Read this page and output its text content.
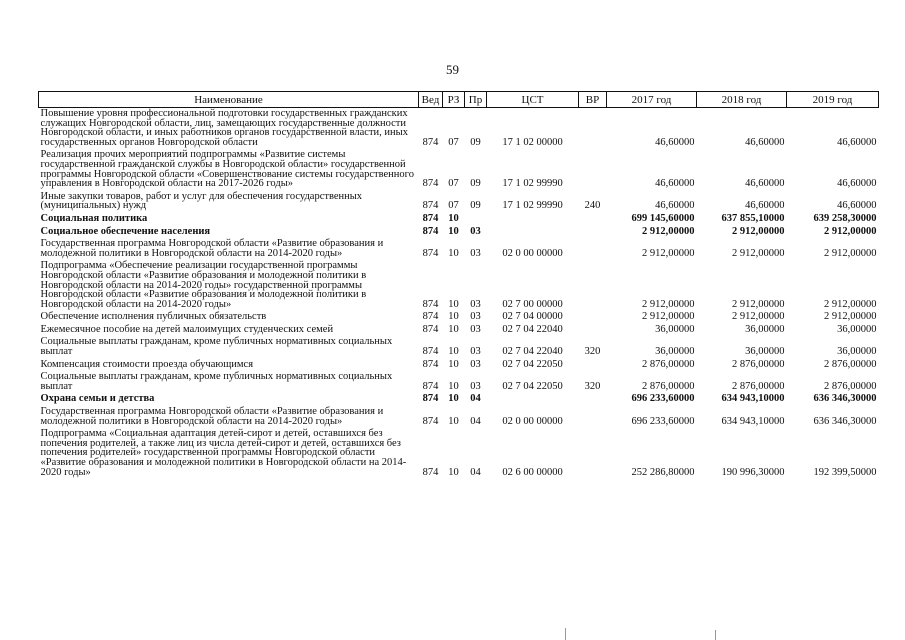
59
Наименование	Вед	РЗ	Пр	ЦСТ	ВР	2017 год	2018 год	2019 год
Повышение уровня профессиональной подготовки государственных гражданских служащих Новгородской области, лиц, замещающих государственные должности Новгородской области, и иных работников органов государственной власти, иных государственных органов Новгородской области	874	07	09	17 1 02 00000		46,60000	46,60000	46,60000
Реализация прочих мероприятий подпрограммы «Развитие системы государственной гражданской службы в Новгородской области» государственной программы Новгородской области «Совершенствование системы государственного управления в Новгородской области на 2017-2026 годы»	874	07	09	17 1 02 99990		46,60000	46,60000	46,60000
Иные закупки товаров, работ и услуг для обеспечения государственных (муниципальных) нужд	874	07	09	17 1 02 99990	240	46,60000	46,60000	46,60000
Социальная политика	874	10				699 145,60000	637 855,10000	639 258,30000
Социальное обеспечение населения	874	10	03			2 912,00000	2 912,00000	2 912,00000
Государственная программа Новгородской области «Развитие образования и молодежной политики в Новгородской области на 2014-2020 годы»	874	10	03	02 0 00 00000		2 912,00000	2 912,00000	2 912,00000
Подпрограмма «Обеспечение реализации государственной программы Новгородской области «Развитие образования и молодежной политики в Новгородской области на 2014-2020 годы» государственной программы Новгородской области «Развитие образования и молодежной политики в Новгородской области на 2014-2020 годы»	874	10	03	02 7 00 00000		2 912,00000	2 912,00000	2 912,00000
Обеспечение исполнения публичных обязательств	874	10	03	02 7 04 00000		2 912,00000	2 912,00000	2 912,00000
Ежемесячное пособие на детей малоимущих студенческих семей	874	10	03	02 7 04 22040		36,00000	36,00000	36,00000
Социальные выплаты гражданам, кроме публичных нормативных социальных выплат	874	10	03	02 7 04 22040	320	36,00000	36,00000	36,00000
Компенсация стоимости проезда обучающимся	874	10	03	02 7 04 22050		2 876,00000	2 876,00000	2 876,00000
Социальные выплаты гражданам, кроме публичных нормативных социальных выплат	874	10	03	02 7 04 22050	320	2 876,00000	2 876,00000	2 876,00000
Охрана семьи и детства	874	10	04			696 233,60000	634 943,10000	636 346,30000
Государственная программа Новгородской области «Развитие образования и молодежной политики в Новгородской области на 2014-2020 годы»	874	10	04	02 0 00 00000		696 233,60000	634 943,10000	636 346,30000
Подпрограмма «Социальная адаптация детей-сирот и детей, оставшихся без попечения родителей, а также лиц из числа детей-сирот и детей, оставшихся без попечения родителей» государственной программы Новгородской области «Развитие образования и молодежной политики в Новгородской области на 2014-2020 годы»	874	10	04	02 6 00 00000		252 286,80000	190 996,30000	192 399,50000
